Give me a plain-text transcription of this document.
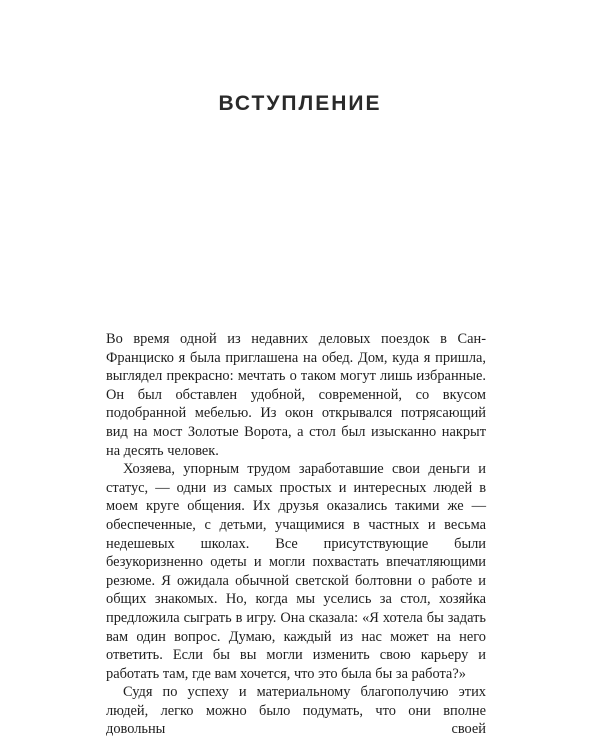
ВСТУПЛЕНИЕ

Во время одной из недавних деловых поездок в Сан-Франциско я была приглашена на обед. Дом, куда я пришла, выглядел прекрасно: мечтать о таком могут лишь избранные. Он был обставлен удобной, современной, со вкусом подобранной мебелью. Из окон открывался потрясающий вид на мост Золотые Ворота, а стол был изысканно накрыт на десять человек.

Хозяева, упорным трудом заработавшие свои деньги и статус, — одни из самых простых и интересных людей в моем круге общения. Их друзья оказались такими же — обеспеченные, с детьми, учащимися в частных и весьма недешевых школах. Все присутствующие были безукоризненно одеты и могли похвастать впечатляющими резюме. Я ожидала обычной светской болтовни о работе и общих знакомых. Но, когда мы уселись за стол, хозяйка предложила сыграть в игру. Она сказала: «Я хотела бы задать вам один вопрос. Думаю, каждый из нас может на него ответить. Если бы вы могли изменить свою карьеру и работать там, где вам хочется, что это была бы за работа?»

Судя по успеху и материальному благополучию этих людей, легко можно было подумать, что они вполне довольны своей
